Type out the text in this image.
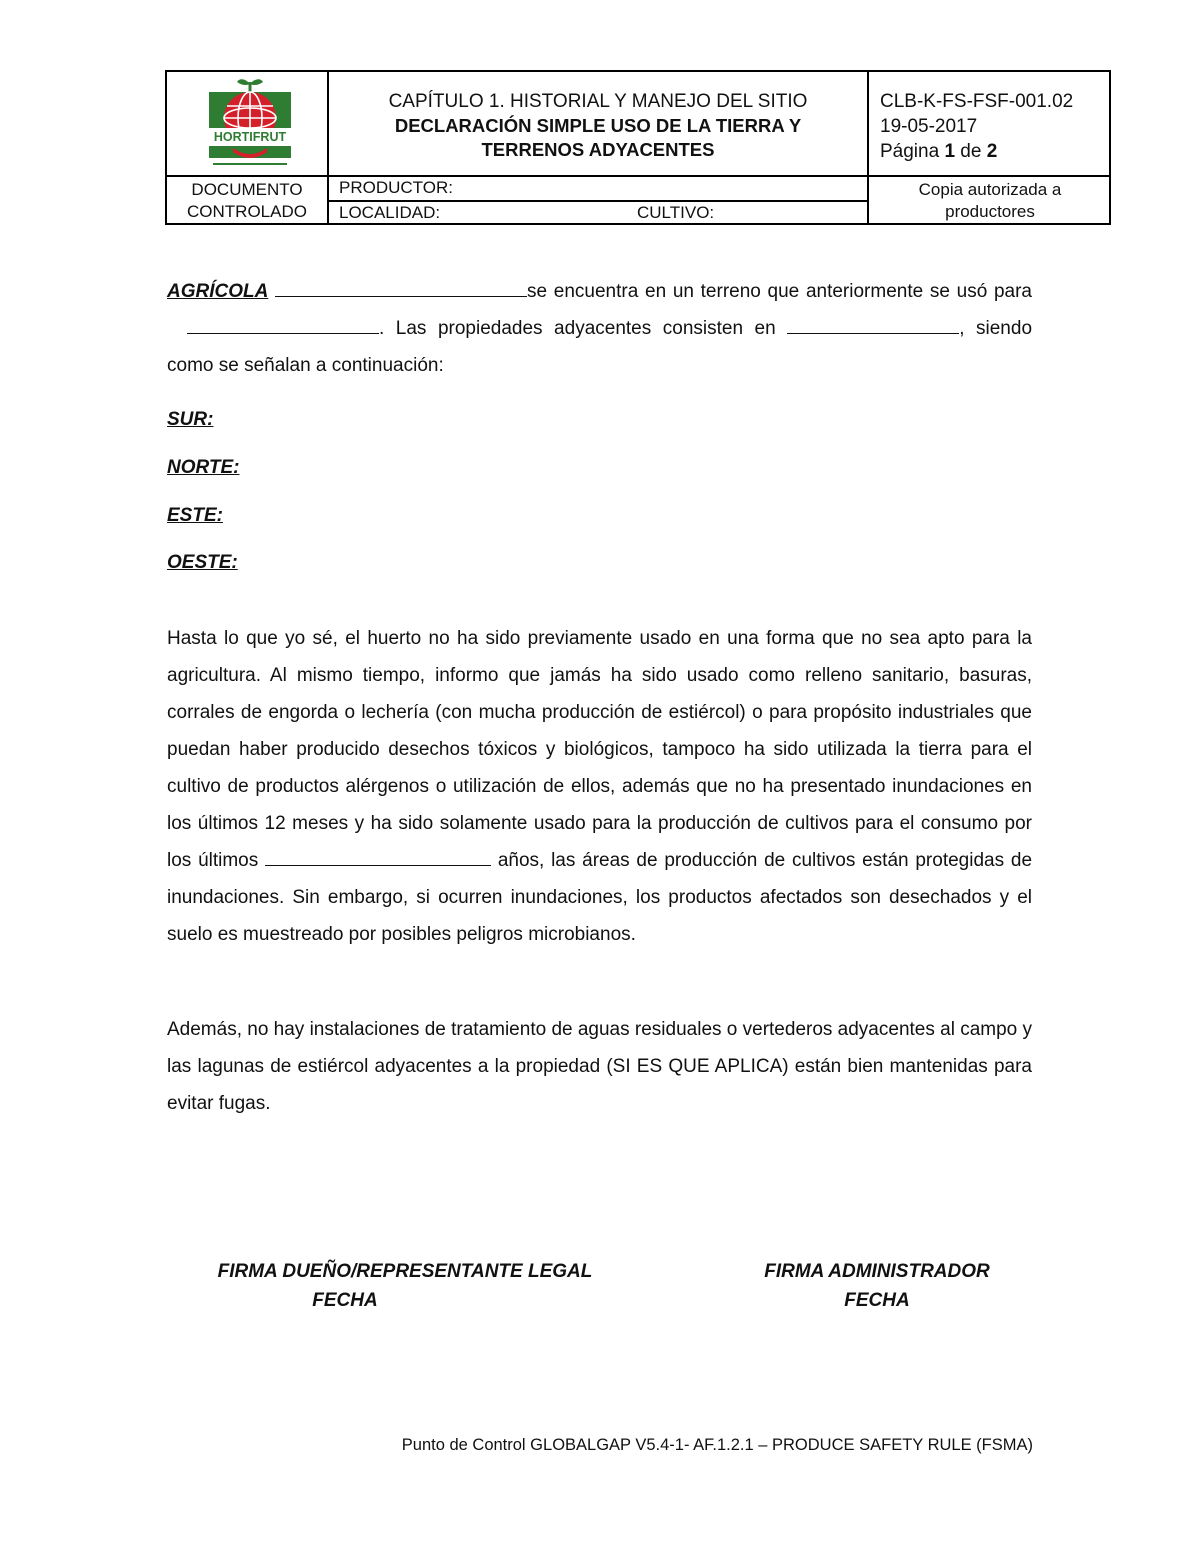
HORTIFRUT
CAPÍTULO 1. HISTORIAL Y MANEJO DEL SITIO
DECLARACIÓN SIMPLE USO DE LA TIERRA Y
TERRENOS ADYACENTES
CLB-K-FS-FSF-001.02
19-05-2017
Página 1 de 2
DOCUMENTO
CONTROLADO
PRODUCTOR:
LOCALIDAD:	CULTIVO:
Copia autorizada a
productores
AGRÍCOLA	se encuentra en un terreno que anteriormente se usó para . Las propiedades adyacentes consisten en	, siendo como se señalan a continuación:
SUR:
NORTE:
ESTE:
OESTE:
Hasta lo que yo sé, el huerto no ha sido previamente usado en una forma que no sea apto para la agricultura. Al mismo tiempo, informo que jamás ha sido usado como relleno sanitario, basuras, corrales de engorda o lechería (con mucha producción de estiércol) o para propósito industriales que puedan haber producido desechos tóxicos y biológicos, tampoco ha sido utilizada la tierra para el cultivo de productos alérgenos o utilización de ellos, además que no ha presentado inundaciones en los últimos 12 meses y ha sido solamente usado para la producción de cultivos para el consumo por los últimos	años, las áreas de producción de cultivos están protegidas de inundaciones. Sin embargo, si ocurren inundaciones, los productos afectados son desechados y el suelo es muestreado por posibles peligros microbianos.
Además, no hay instalaciones de tratamiento de aguas residuales o vertederos adyacentes al campo y las lagunas de estiércol adyacentes a la propiedad (SI ES QUE APLICA) están bien mantenidas para evitar fugas.
FIRMA DUEÑO/REPRESENTANTE LEGAL
FECHA
FIRMA ADMINISTRADOR
FECHA
Punto de Control GLOBALGAP V5.4-1- AF.1.2.1 – PRODUCE SAFETY RULE (FSMA)
